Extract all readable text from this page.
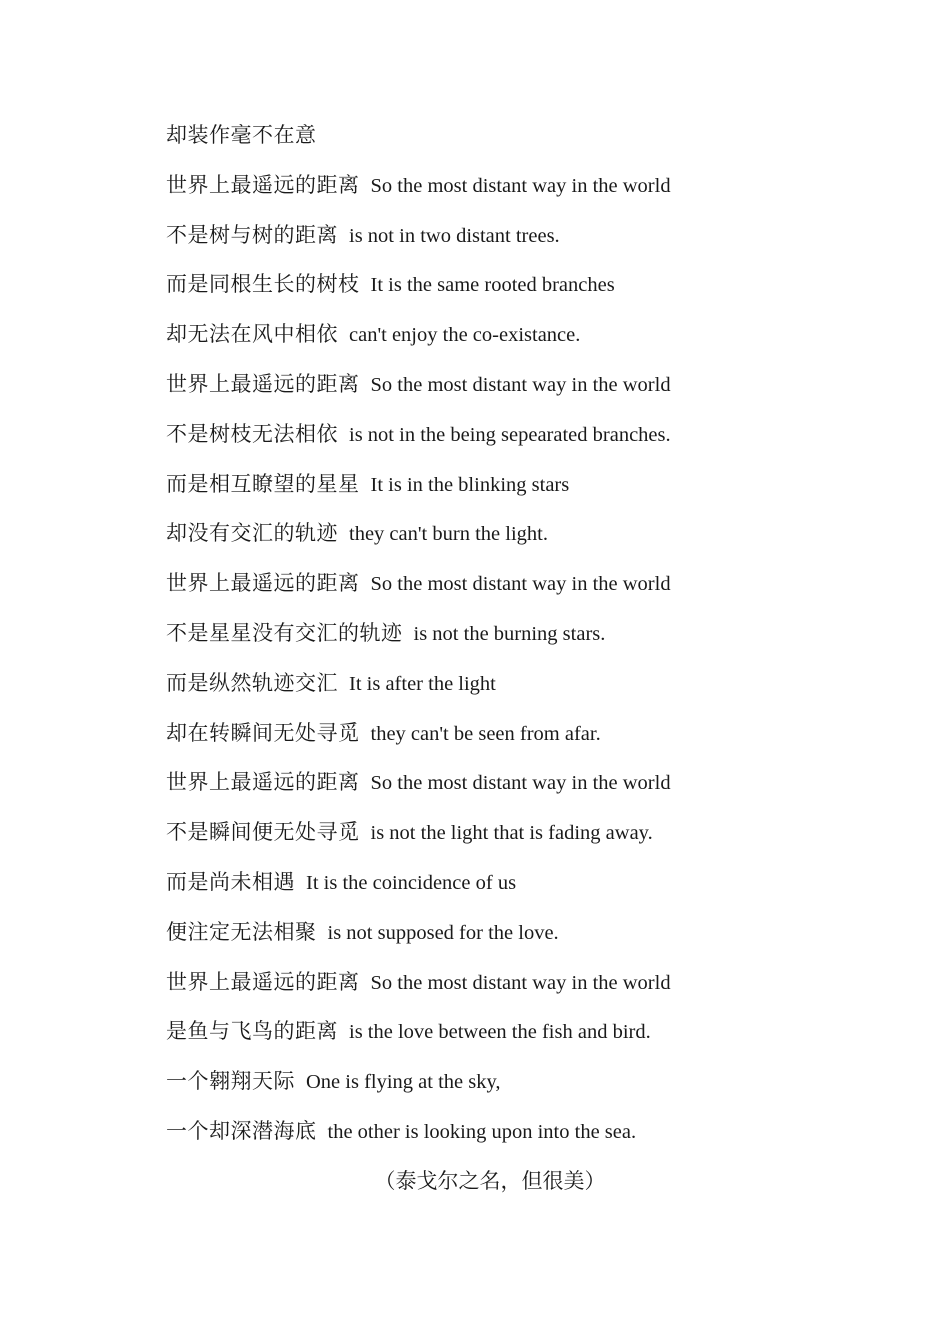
却装作毫不在意
世界上最遥远的距离 So the most distant way in the world
不是树与树的距离 is not in two distant trees.
而是同根生长的树枝 It is the same rooted branches
却无法在风中相依 can't enjoy the co-existance.
世界上最遥远的距离 So the most distant way in the world
不是树枝无法相依 is not in the being sepearated branches.
而是相互瞭望的星星 It is in the blinking stars
却没有交汇的轨迹 they can't burn the light.
世界上最遥远的距离 So the most distant way in the world
不是星星没有交汇的轨迹 is not the burning stars.
而是纵然轨迹交汇 It is after the light
却在转瞬间无处寻觅 they can't be seen from afar.
世界上最遥远的距离 So the most distant way in the world
不是瞬间便无处寻觅 is not the light that is fading away.
而是尚未相遇 It is the coincidence of us
便注定无法相聚 is not supposed for the love.
世界上最遥远的距离 So the most distant way in the world
是鱼与飞鸟的距离 is the love between the fish and bird.
一个翱翔天际 One is flying at the sky,
一个却深潜海底 the other is looking upon into the sea.
（泰戈尔之名，但很美）
